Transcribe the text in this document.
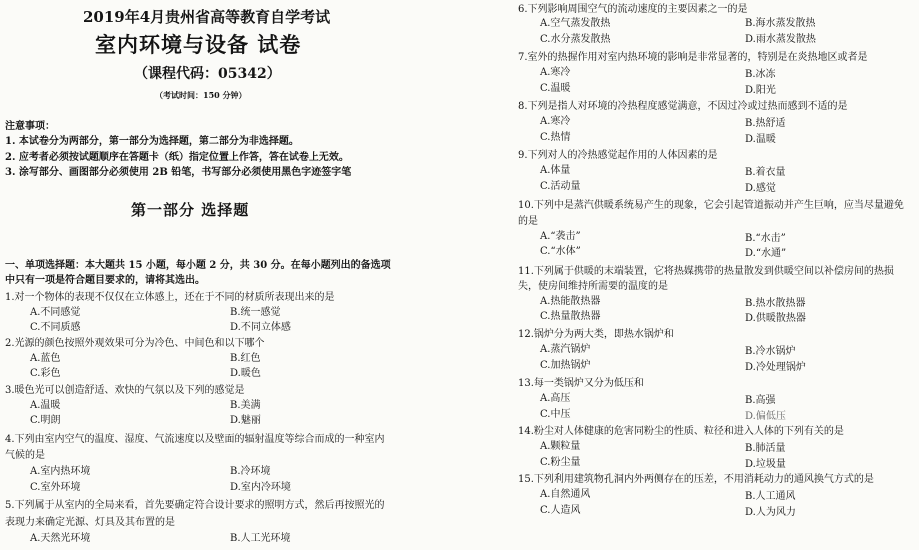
2019年4月贵州省高等教育自学考试
室内环境与设备 试卷
（课程代码：05342）
（考试时间：150 分钟）
注意事项：
1. 本试卷分为两部分，第一部分为选择题，第二部分为非选择题。
2. 应考者必须按试题顺序在答题卡（纸）指定位置上作答，答在试卷上无效。
3. 涂写部分、画图部分必须使用 2B 铅笔，书写部分必须使用黑色字迹签字笔
第一部分 选择题
一、单项选择题：本大题共 15 小题，每小题 2 分，共 30 分。在每小题列出的备选项
中只有一项是符合题目要求的，请将其选出。
1.对一个物体的表现不仅仅在立体感上，还在于不同的材质所表现出来的是
A.不同感觉	B.统一感觉
C.不同质感	D.不同立体感
2.光源的颜色按照外观效果可分为冷色、中间色和以下哪个
A.蓝色	B.红色
C.彩色	D.暖色
3.暖色光可以创造舒适、欢快的气氛以及下列的感觉是
A.温暖	B.美满
C.明朗	D.魅丽
4.下列由室内空气的温度、湿度、气流速度以及壁面的辐射温度等综合而成的一种室内
气候的是
A.室内热环境	B.冷环境
C.室外环境	D.室内冷环境
5.下列属于从室内的全局来看，首先要确定符合设计要求的照明方式，然后再按照光的
表现力来确定光源、灯具及其布置的是
A.天然光环境	B.人工光环境
6.下列影响周围空气的流动速度的主要因素之一的是
A.空气蒸发散热	B.海水蒸发散热
C.水分蒸发散热	D.雨水蒸发散热
7.室外的热握作用对室内热环境的影响是非常显著的，特别是在炎热地区或者是
A.寒冷	B.冰冻
C.温暖	D.阳光
8.下列是指人对环境的冷热程度感觉满意，不因过冷或过热而感到不适的是
A.寒冷	B.热舒适
C.热情	D.温暖
9.下列对人的冷热感觉起作用的人体因素的是
A.体量	B.着衣量
C.活动量	D.感觉
10.下列中是蒸汽供暖系统易产生的现象，它会引起管道振动并产生巨响，应当尽量避免
的是
A.“袭击”	B.“水击”
C.“水体”	D.“水通”
11.下列属于供暖的末端装置，它将热媒携带的热量散发到供暖空间以补偿房间的热损
失，使房间维持所需要的温度的是
A.热能散热器	B.热水散热器
C.热量散热器	D.供暖散热器
12.锅炉分为两大类，即热水锅炉和
A.蒸汽锅炉	B.冷水锅炉
C.加热锅炉	D.冷处理锅炉
13.每一类锅炉又分为低压和
A.高压	B.高强
C.中压	D.偏低压
14.粉尘对人体健康的危害同粉尘的性质、粒径和进入人体的下列有关的是
A.颗粒量	B.肺活量
C.粉尘量	D.垃圾量
15.下列利用建筑物孔洞内外两侧存在的压差，不用消耗动力的通风换气方式的是
A.自然通风	B.人工通风
C.人造风	D.人为风力
